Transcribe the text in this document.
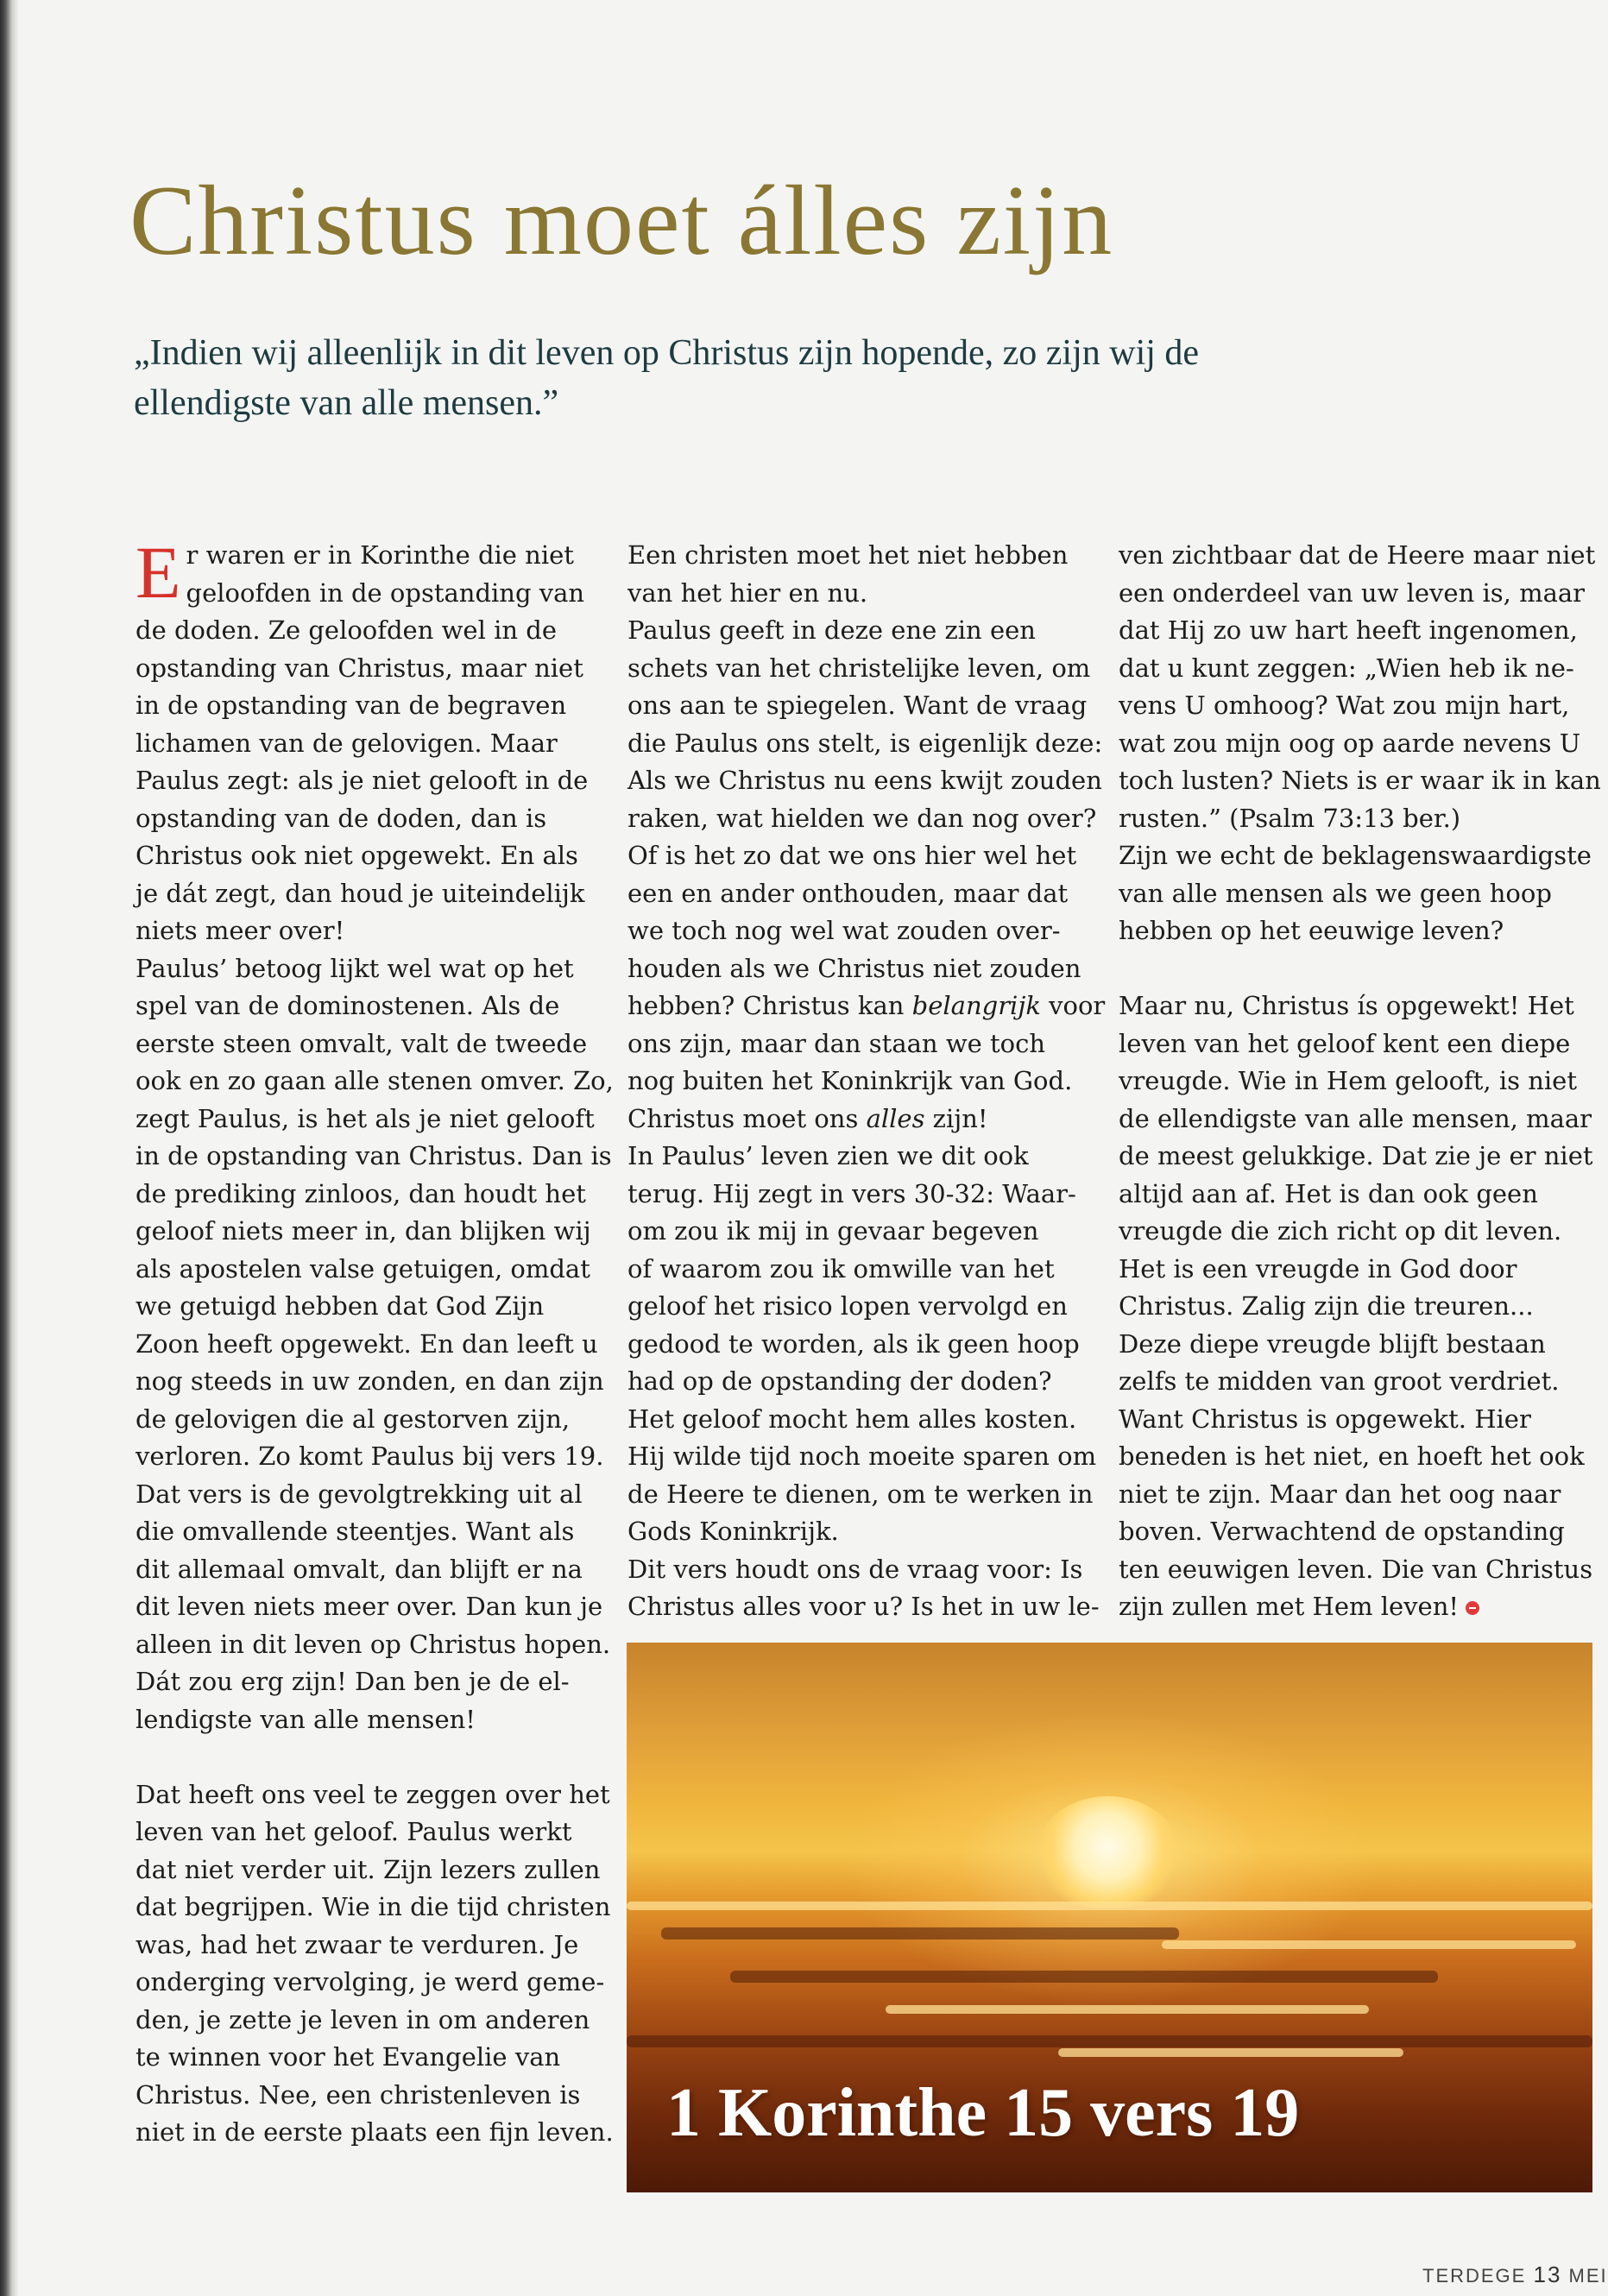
Christus moet álles zijn
„Indien wij alleenlijk in dit leven op Christus zijn hopende, zo zijn wij de
ellendigste van alle mensen.”
E r waren er in Korinthe die niet

geloofden in de opstanding van

de doden. Ze geloofden wel in de

opstanding van Christus, maar niet

in de opstanding van de begraven

lichamen van de gelovigen. Maar

Paulus zegt: als je niet gelooft in de

opstanding van de doden, dan is

Christus ook niet opgewekt. En als

je dát zegt, dan houd je uiteindelijk

niets meer over!

Paulus’ betoog lijkt wel wat op het

spel van de dominostenen. Als de

eerste steen omvalt, valt de tweede

ook en zo gaan alle stenen omver. Zo,

zegt Paulus, is het als je niet gelooft

in de opstanding van Christus. Dan is

de prediking zinloos, dan houdt het

geloof niets meer in, dan blijken wij

als apostelen valse getuigen, omdat

we getuigd hebben dat God Zijn

Zoon heeft opgewekt. En dan leeft u

nog steeds in uw zonden, en dan zijn

de gelovigen die al gestorven zijn,

verloren. Zo komt Paulus bij vers 19.

Dat vers is de gevolgtrekking uit al

die omvallende steentjes. Want als

dit allemaal omvalt, dan blijft er na

dit leven niets meer over. Dan kun je

alleen in dit leven op Christus hopen.

Dát zou erg zijn! Dan ben je de el-

lendigste van alle mensen!

Dat heeft ons veel te zeggen over het

leven van het geloof. Paulus werkt

dat niet verder uit. Zijn lezers zullen

dat begrijpen. Wie in die tijd christen

was, had het zwaar te verduren. Je

onderging vervolging, je werd geme-

den, je zette je leven in om anderen

te winnen voor het Evangelie van

Christus. Nee, een christenleven is

niet in de eerste plaats een fijn leven.

Een christen moet het niet hebben

van het hier en nu.

Paulus geeft in deze ene zin een

schets van het christelijke leven, om

ons aan te spiegelen. Want de vraag

die Paulus ons stelt, is eigenlijk deze:

Als we Christus nu eens kwijt zouden

raken, wat hielden we dan nog over?

Of is het zo dat we ons hier wel het

een en ander onthouden, maar dat

we toch nog wel wat zouden over-

houden als we Christus niet zouden

hebben? Christus kan belangrijk voor

ons zijn, maar dan staan we toch

nog buiten het Koninkrijk van God.

Christus moet ons alles zijn!

In Paulus’ leven zien we dit ook

terug. Hij zegt in vers 30-32: Waar-

om zou ik mij in gevaar begeven

of waarom zou ik omwille van het

geloof het risico lopen vervolgd en

gedood te worden, als ik geen hoop

had op de opstanding der doden?

Het geloof mocht hem alles kosten.

Hij wilde tijd noch moeite sparen om

de Heere te dienen, om te werken in

Gods Koninkrijk.

Dit vers houdt ons de vraag voor: Is

Christus alles voor u? Is het in uw le-

ven zichtbaar dat de Heere maar niet

een onderdeel van uw leven is, maar

dat Hij zo uw hart heeft ingenomen,

dat u kunt zeggen: „Wien heb ik ne-

vens U omhoog? Wat zou mijn hart,

wat zou mijn oog op aarde nevens U

toch lusten? Niets is er waar ik in kan

rusten.” (Psalm 73:13 ber.)

Zijn we echt de beklagenswaardigste

van alle mensen als we geen hoop

hebben op het eeuwige leven?

Maar nu, Christus ís opgewekt! Het

leven van het geloof kent een diepe

vreugde. Wie in Hem gelooft, is niet

de ellendigste van alle mensen, maar

de meest gelukkige. Dat zie je er niet

altijd aan af. Het is dan ook geen

vreugde die zich richt op dit leven.

Het is een vreugde in God door

Christus. Zalig zijn die treuren...

Deze diepe vreugde blijft bestaan

zelfs te midden van groot verdriet.

Want Christus is opgewekt. Hier

beneden is het niet, en hoeft het ook

niet te zijn. Maar dan het oog naar

boven. Verwachtend de opstanding

ten eeuwigen leven. Die van Christus

zijn zullen met Hem leven!

1 Korinthe 15 vers 19
TERDEGE 13 MEI
